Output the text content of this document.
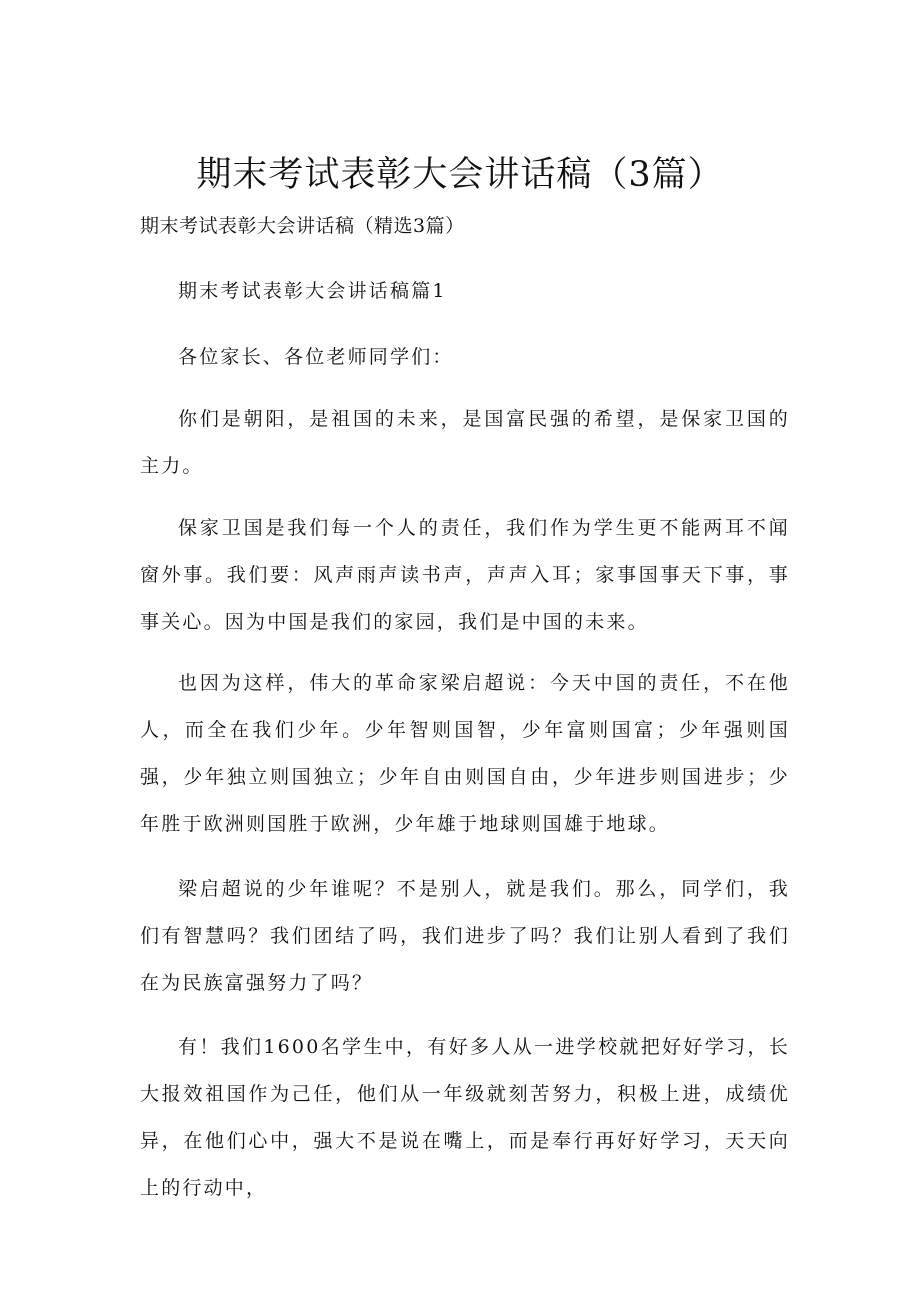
期末考试表彰大会讲话稿（3篇）
期末考试表彰大会讲话稿（精选3篇）

期末考试表彰大会讲话稿篇1

各位家长、各位老师同学们：

你们是朝阳，是祖国的未来，是国富民强的希望，是保家卫国的主力。

保家卫国是我们每一个人的责任，我们作为学生更不能两耳不闻窗外事。我们要：风声雨声读书声，声声入耳；家事国事天下事，事事关心。因为中国是我们的家园，我们是中国的未来。

也因为这样，伟大的革命家梁启超说：今天中国的责任，不在他人，而全在我们少年。少年智则国智，少年富则国富；少年强则国强，少年独立则国独立；少年自由则国自由，少年进步则国进步；少年胜于欧洲则国胜于欧洲，少年雄于地球则国雄于地球。

梁启超说的少年谁呢？不是别人，就是我们。那么，同学们，我们有智慧吗？我们团结了吗，我们进步了吗？我们让别人看到了我们在为民族富强努力了吗？

有！我们1600名学生中，有好多人从一进学校就把好好学习，长大报效祖国作为己任，他们从一年级就刻苦努力，积极上进，成绩优异，在他们心中，强大不是说在嘴上，而是奉行再好好学习，天天向上的行动中，
